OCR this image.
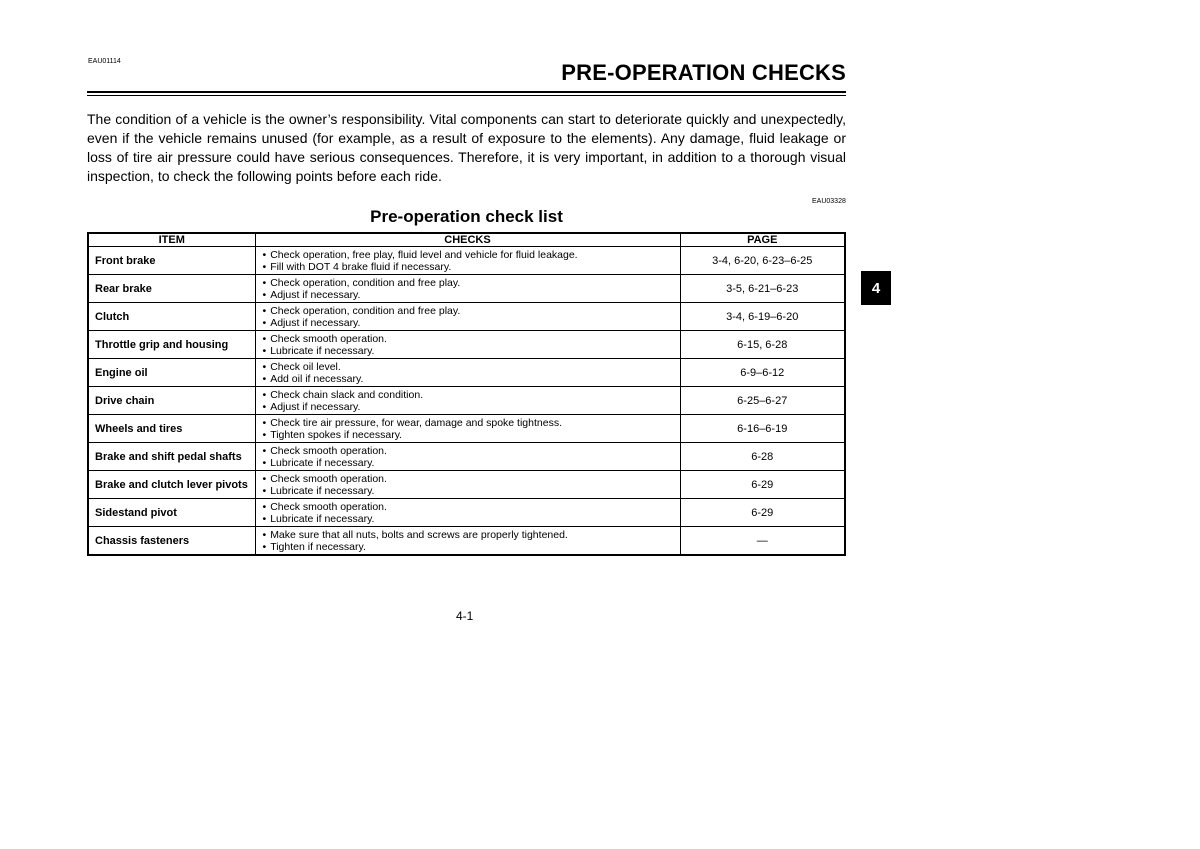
EAU01114	PRE-OPERATION CHECKS

The condition of a vehicle is the owner’s responsibility. Vital components can start to deteriorate quickly and unexpectedly, even if the vehicle remains unused (for example, as a result of exposure to the elements). Any damage, fluid leakage or loss of tire air pressure could have serious consequences. Therefore, it is very important, in addition to a thorough visual inspection, to check the following points before each ride.

EAU03328
Pre-operation check list
ITEM	CHECKS	PAGE
Front brake	• Check operation, free play, fluid level and vehicle for fluid leakage.
• Fill with DOT 4 brake fluid if necessary.	3-4, 6-20, 6-23–6-25
Rear brake	• Check operation, condition and free play.
• Adjust if necessary.	3-5, 6-21–6-23
Clutch	• Check operation, condition and free play.
• Adjust if necessary.	3-4, 6-19–6-20
Throttle grip and housing	• Check smooth operation.
• Lubricate if necessary.	6-15, 6-28
Engine oil	• Check oil level.
• Add oil if necessary.	6-9–6-12
Drive chain	• Check chain slack and condition.
• Adjust if necessary.	6-25–6-27
Wheels and tires	• Check tire air pressure, for wear, damage and spoke tightness.
• Tighten spokes if necessary.	6-16–6-19
Brake and shift pedal shafts	• Check smooth operation.
• Lubricate if necessary.	6-28
Brake and clutch lever pivots	• Check smooth operation.
• Lubricate if necessary.	6-29
Sidestand pivot	• Check smooth operation.
• Lubricate if necessary.	6-29
Chassis fasteners	• Make sure that all nuts, bolts and screws are properly tightened.
• Tighten if necessary.	—
4
4-1
